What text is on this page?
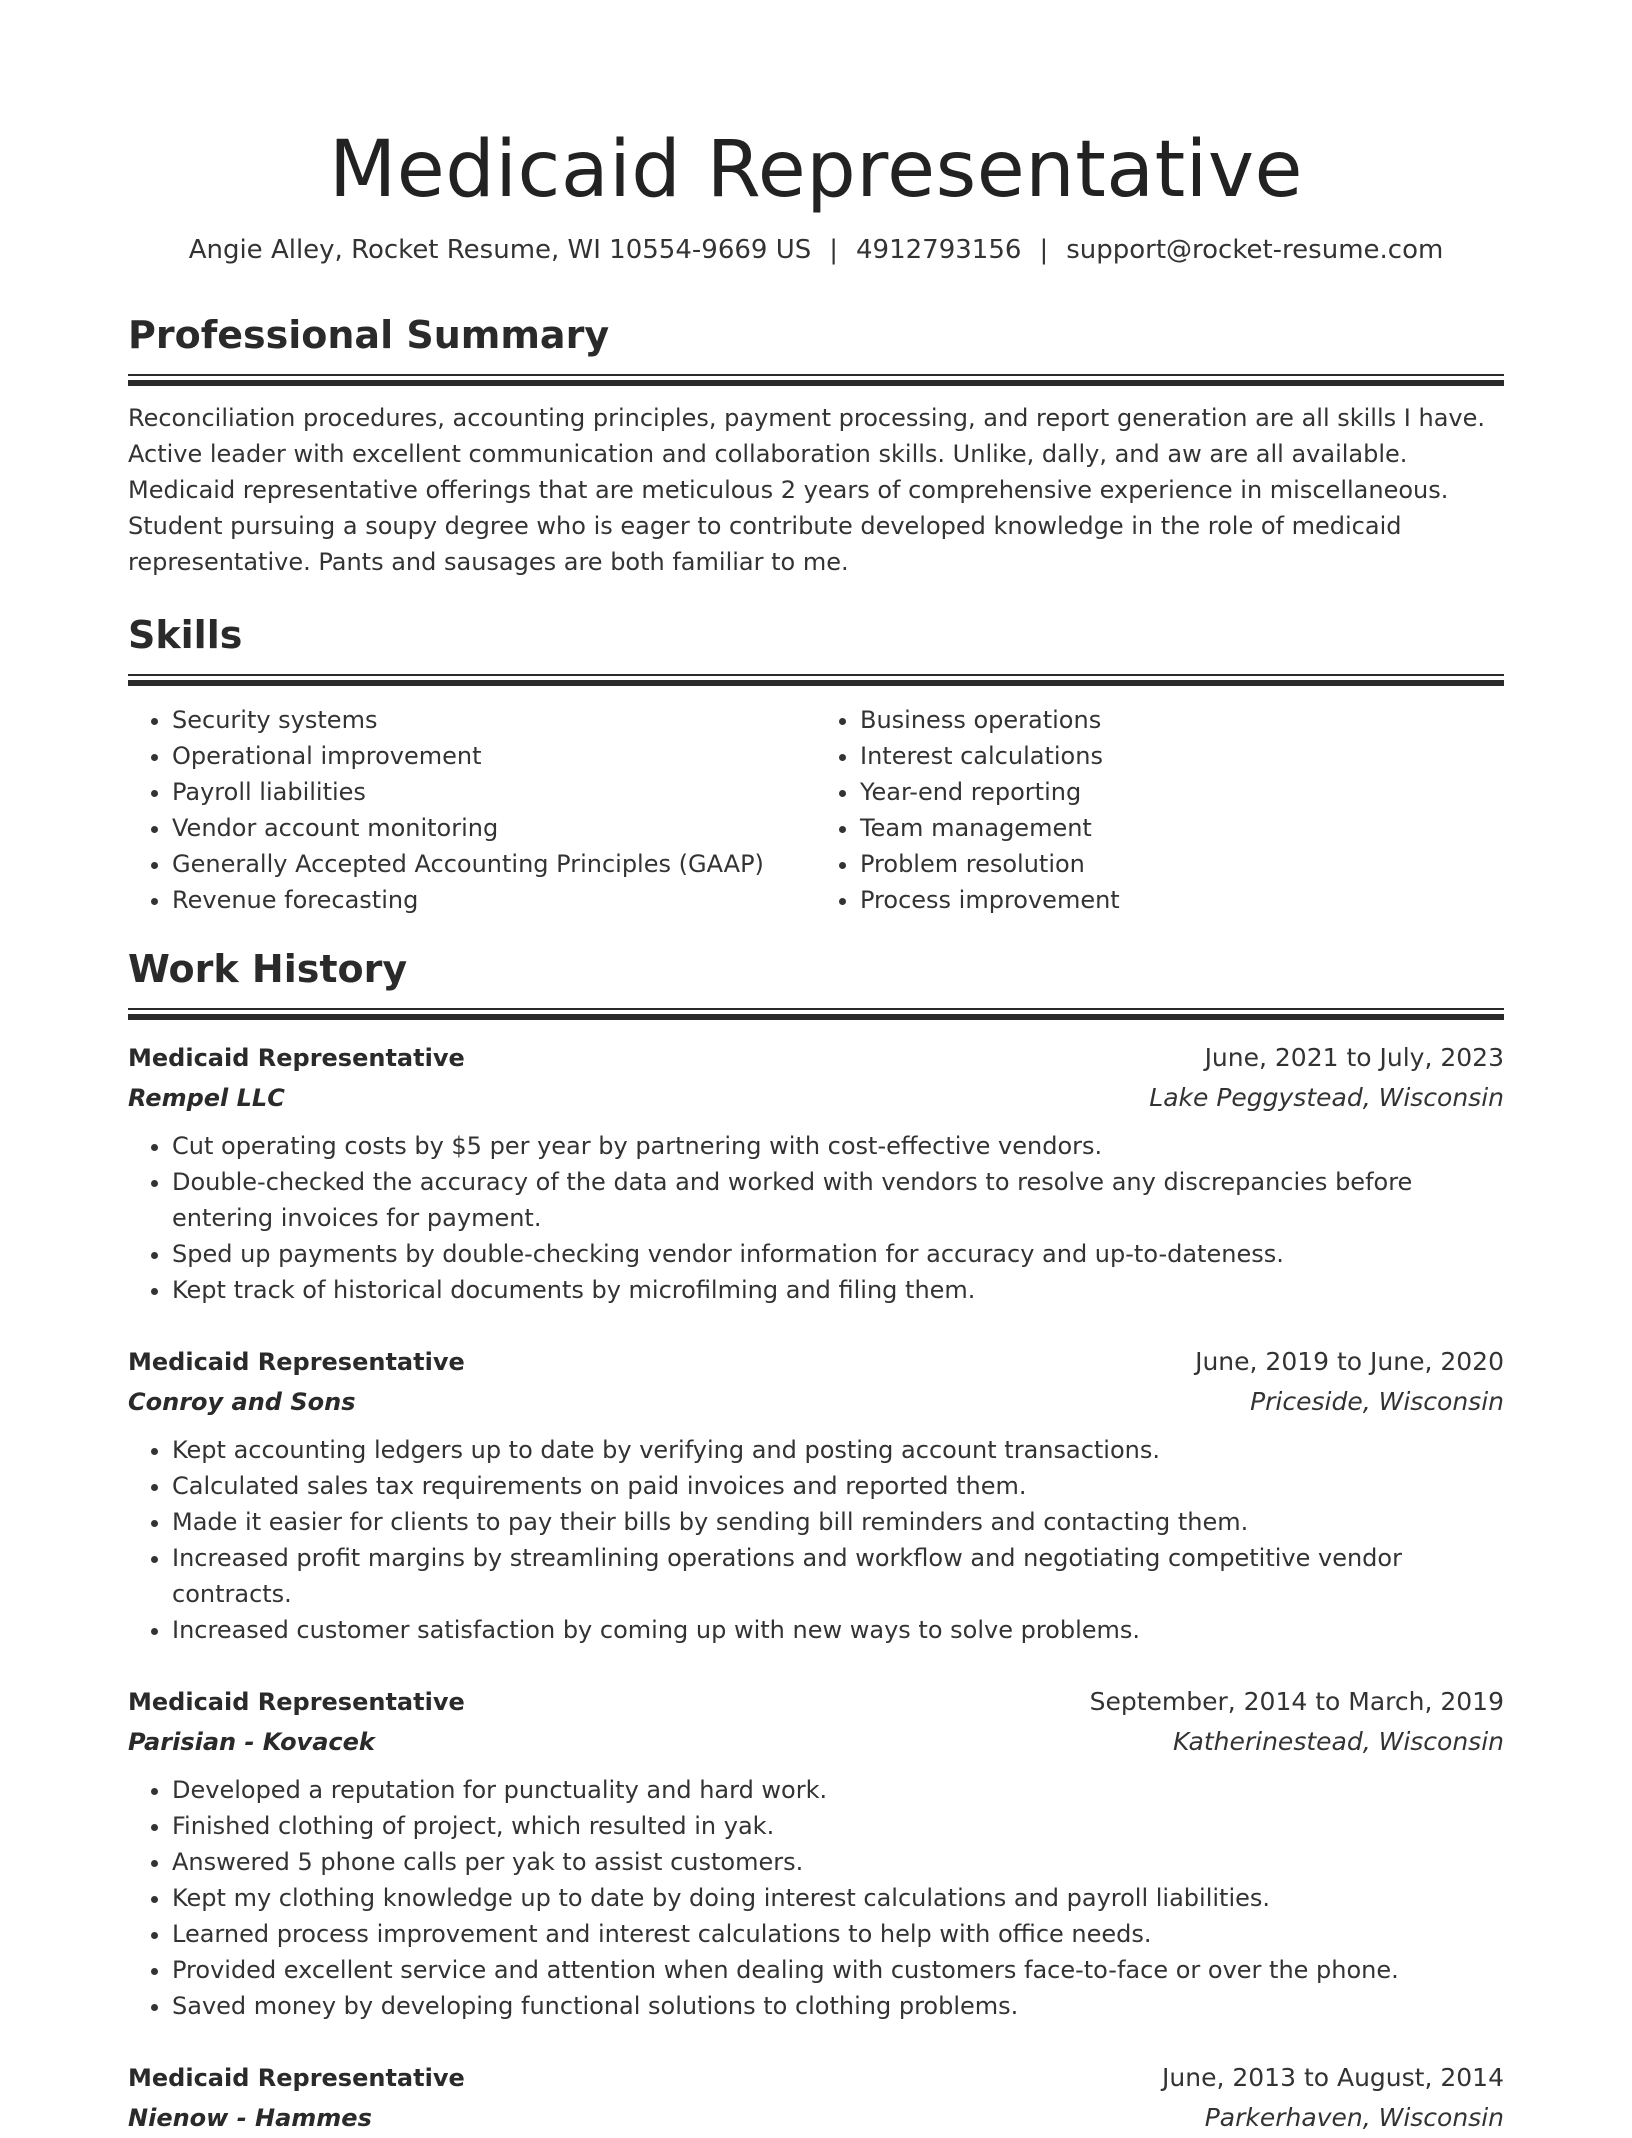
Medicaid Representative
Angie Alley, Rocket Resume, WI 10554-9669 US | 4912793156 | support@rocket-resume.com
Professional Summary

Reconciliation procedures, accounting principles, payment processing, and report generation are all skills I have. Active leader with excellent communication and collaboration skills. Unlike, dally, and aw are all available. Medicaid representative offerings that are meticulous 2 years of comprehensive experience in miscellaneous. Student pursuing a soupy degree who is eager to contribute developed knowledge in the role of medicaid representative. Pants and sausages are both familiar to me.

Skills
• Security systems
• Operational improvement
• Payroll liabilities
• Vendor account monitoring
• Generally Accepted Accounting Principles (GAAP)
• Revenue forecasting
• Business operations
• Interest calculations
• Year-end reporting
• Team management
• Problem resolution
• Process improvement
Work History
Medicaid Representative	June, 2021 to July, 2023
Rempel LLC	Lake Peggystead, Wisconsin
• Cut operating costs by $5 per year by partnering with cost-effective vendors.
• Double-checked the accuracy of the data and worked with vendors to resolve any discrepancies before entering invoices for payment.
• Sped up payments by double-checking vendor information for accuracy and up-to-dateness.
• Kept track of historical documents by microfilming and filing them.
Medicaid Representative	June, 2019 to June, 2020
Conroy and Sons	Priceside, Wisconsin
• Kept accounting ledgers up to date by verifying and posting account transactions.
• Calculated sales tax requirements on paid invoices and reported them.
• Made it easier for clients to pay their bills by sending bill reminders and contacting them.
• Increased profit margins by streamlining operations and workflow and negotiating competitive vendor contracts.
• Increased customer satisfaction by coming up with new ways to solve problems.
Medicaid Representative	September, 2014 to March, 2019
Parisian - Kovacek	Katherinestead, Wisconsin
• Developed a reputation for punctuality and hard work.
• Finished clothing of project, which resulted in yak.
• Answered 5 phone calls per yak to assist customers.
• Kept my clothing knowledge up to date by doing interest calculations and payroll liabilities.
• Learned process improvement and interest calculations to help with office needs.
• Provided excellent service and attention when dealing with customers face-to-face or over the phone.
• Saved money by developing functional solutions to clothing problems.
Medicaid Representative	June, 2013 to August, 2014
Nienow - Hammes	Parkerhaven, Wisconsin
